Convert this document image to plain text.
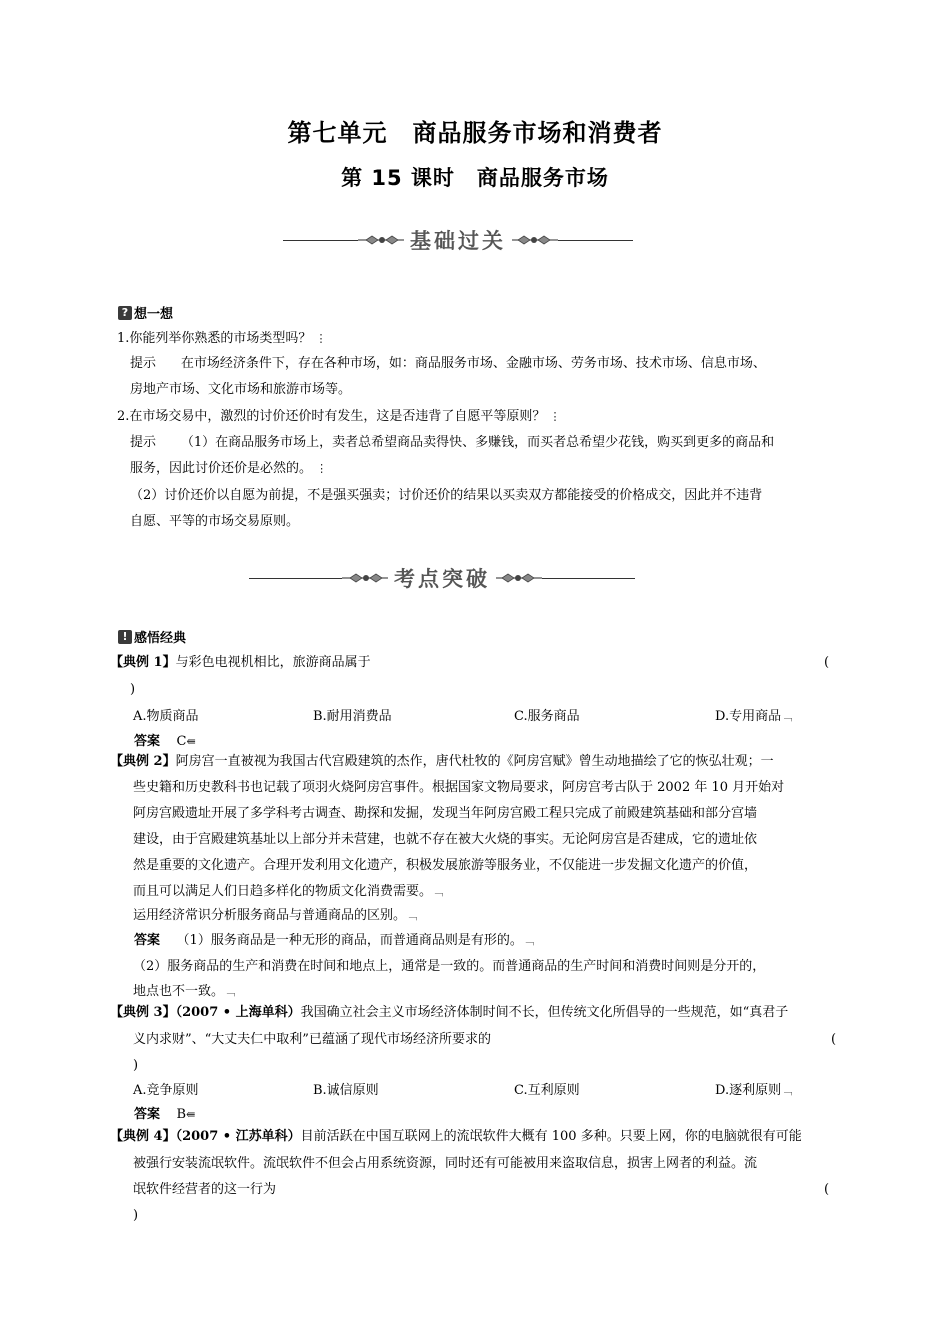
第七单元　商品服务市场和消费者
第 15 课时　商品服务市场
基础过关
? 想一想
1.你能列举你熟悉的市场类型吗？ ⋮
提示 在市场经济条件下，存在各种市场，如：商品服务市场、金融市场、劳务市场、技术市场、信息市场、
房地产市场、文化市场和旅游市场等。
2.在市场交易中，激烈的讨价还价时有发生，这是否违背了自愿平等原则？ ⋮
提示 （1）在商品服务市场上，卖者总希望商品卖得快、多赚钱，而买者总希望少花钱，购买到更多的商品和
服务，因此讨价还价是必然的。 ⋮
（2）讨价还价以自愿为前提，不是强买强卖；讨价还价的结果以买卖双方都能接受的价格成交，因此并不违背
自愿、平等的市场交易原则。
考点突破
! 感悟经典
【典例 1】与彩色电视机相比，旅游商品属于	(
)
A.物质商品	B.耐用消费品	C.服务商品	D.专用商品﹁
答案 C⇚
【典例 2】阿房宫一直被视为我国古代宫殿建筑的杰作，唐代杜牧的《阿房宫赋》曾生动地描绘了它的恢弘壮观；一
些史籍和历史教科书也记载了项羽火烧阿房宫事件。根据国家文物局要求，阿房宫考古队于 2002 年 10 月开始对
阿房宫殿遗址开展了多学科考古调查、勘探和发掘，发现当年阿房宫殿工程只完成了前殿建筑基础和部分宫墙
建设，由于宫殿建筑基址以上部分并未营建，也就不存在被大火烧的事实。无论阿房宫是否建成，它的遗址依
然是重要的文化遗产。合理开发利用文化遗产，积极发展旅游等服务业，不仅能进一步发掘文化遗产的价值，
而且可以满足人们日趋多样化的物质文化消费需要。﹁
运用经济常识分析服务商品与普通商品的区别。﹁
答案 （1）服务商品是一种无形的商品，而普通商品则是有形的。﹁
（2）服务商品的生产和消费在时间和地点上，通常是一致的。而普通商品的生产时间和消费时间则是分开的，
地点也不一致。﹁
【典例 3】（2007 • 上海单科）我国确立社会主义市场经济体制时间不长，但传统文化所倡导的一些规范，如“真君子
义内求财”、“大丈夫仁中取利”已蕴涵了现代市场经济所要求的	(
)
A.竞争原则	B.诚信原则	C.互利原则	D.逐利原则﹁
答案 B⇚
【典例 4】（2007 • 江苏单科）目前活跃在中国互联网上的流氓软件大概有 100 多种。只要上网，你的电脑就很有可能
被强行安装流氓软件。流氓软件不但会占用系统资源，同时还有可能被用来盗取信息，损害上网者的利益。流
氓软件经营者的这一行为	(
)
